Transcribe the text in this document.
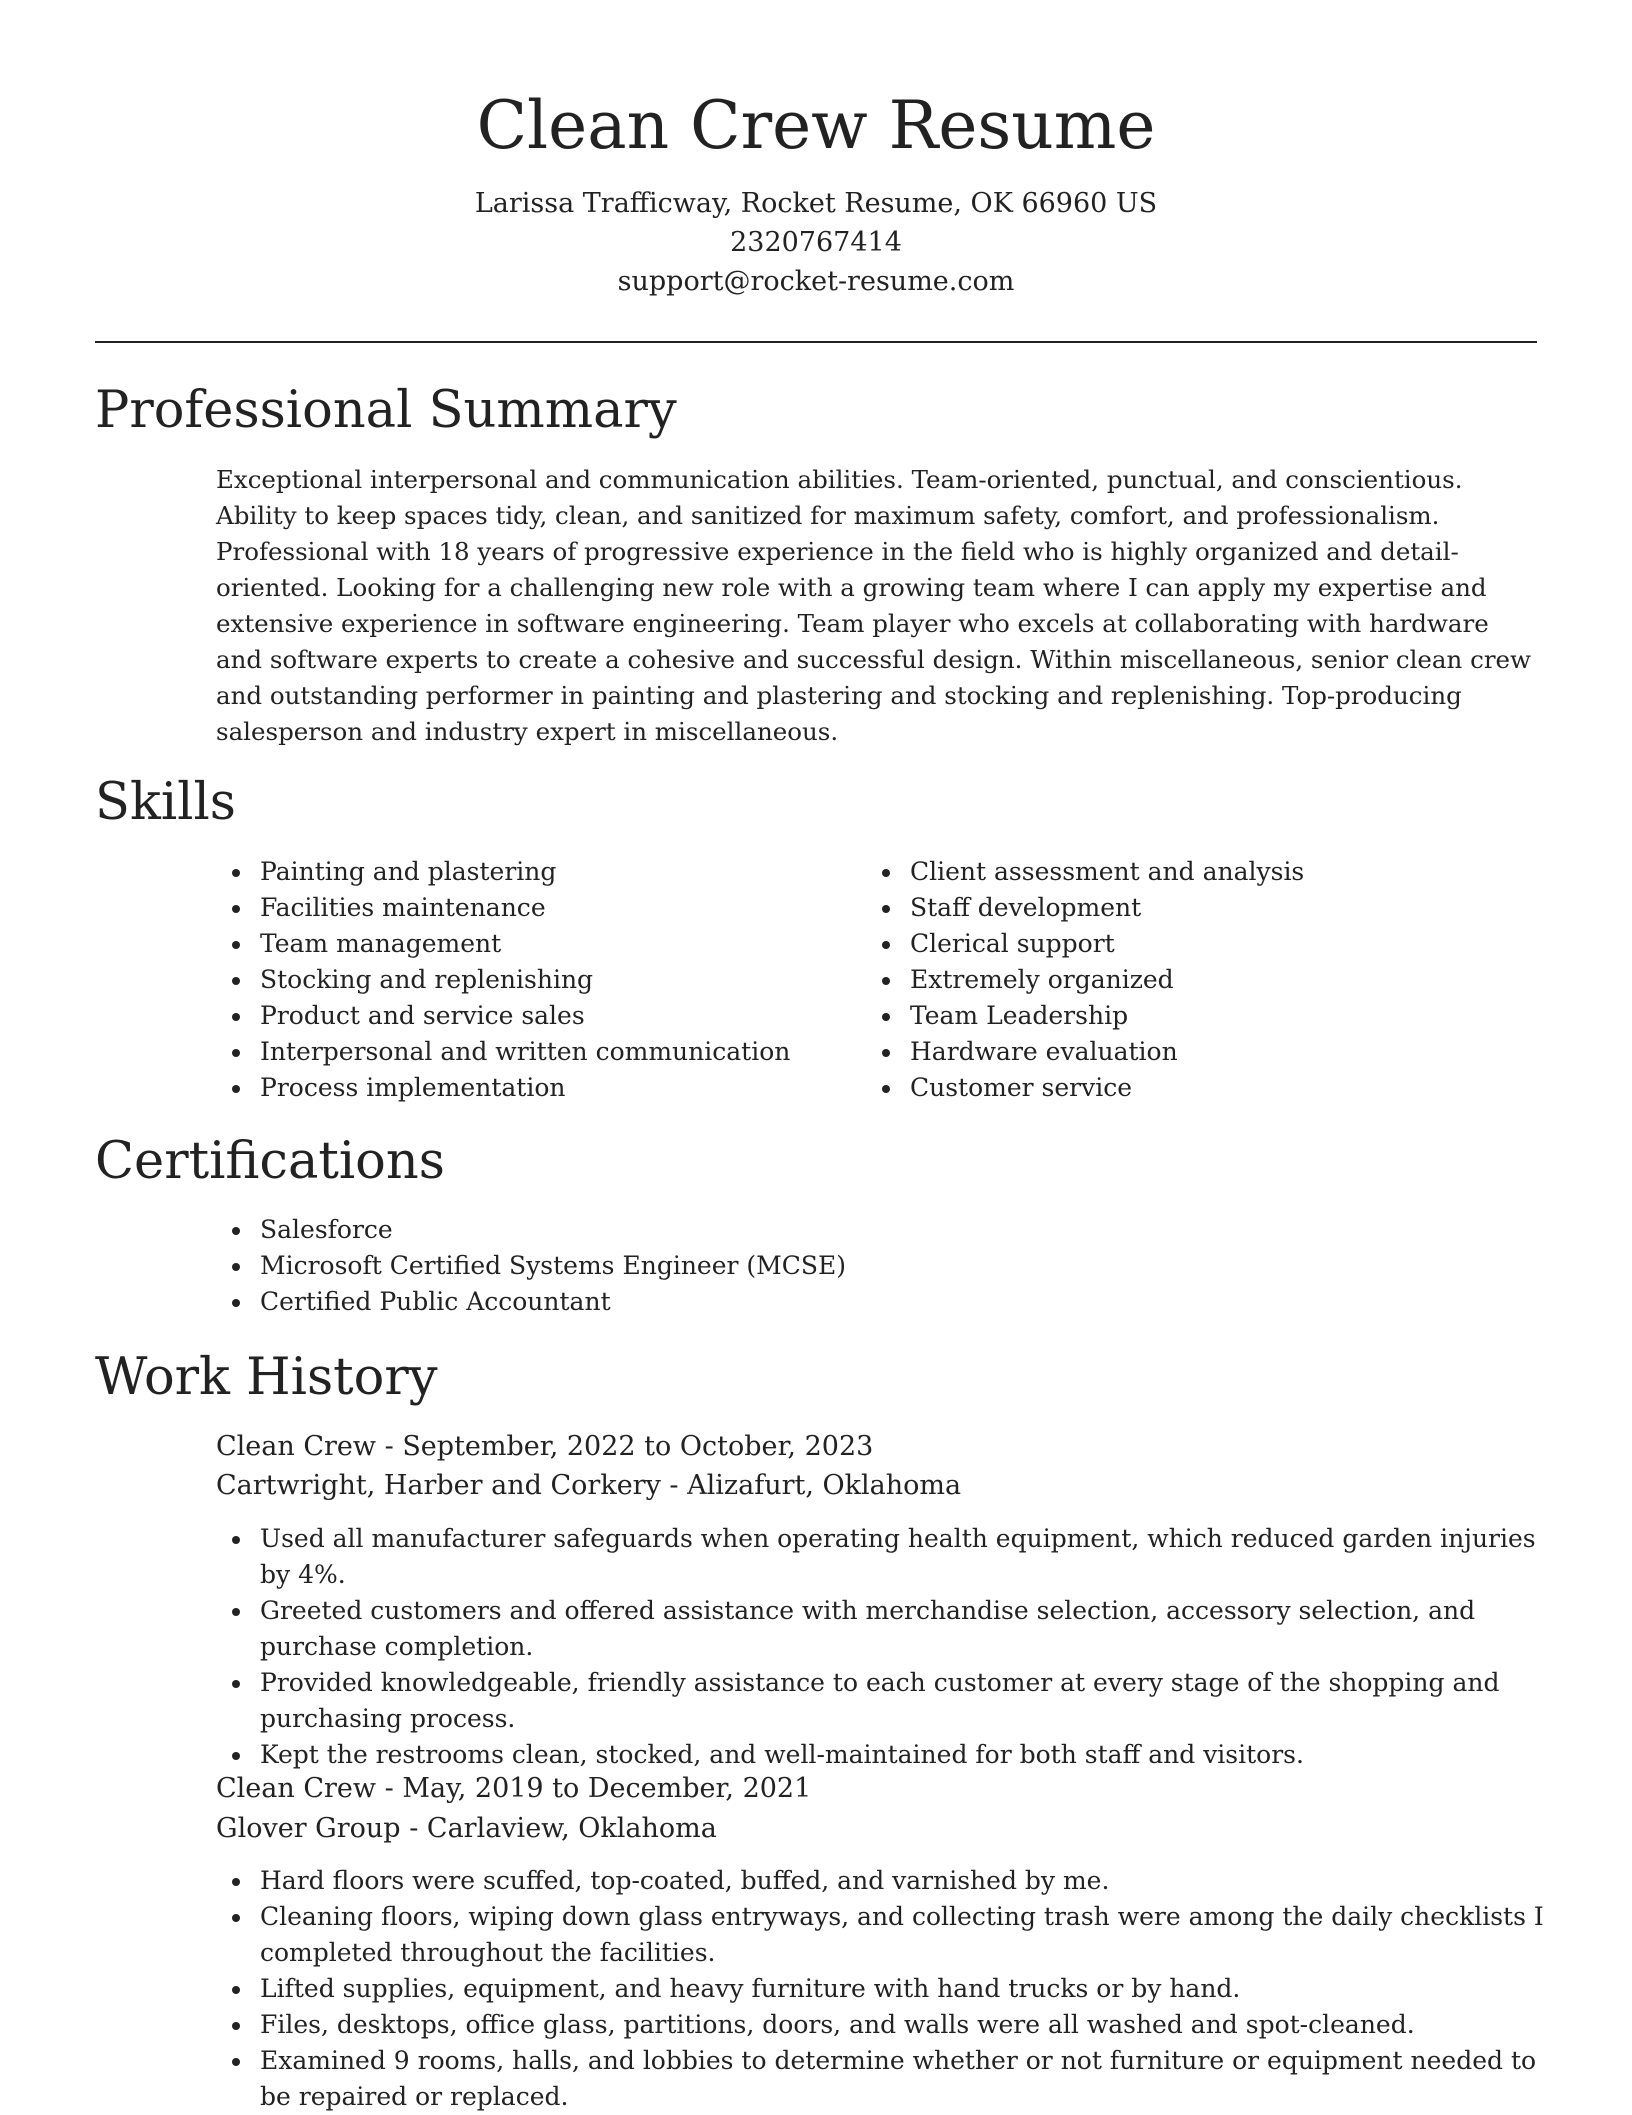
Clean Crew Resume
Larissa Trafficway, Rocket Resume, OK 66960 US
2320767414
support@rocket-resume.com
Professional Summary

Exceptional interpersonal and communication abilities. Team-oriented, punctual, and conscientious. Ability to keep spaces tidy, clean, and sanitized for maximum safety, comfort, and professionalism. Professional with 18 years of progressive experience in the field who is highly organized and detail-oriented. Looking for a challenging new role with a growing team where I can apply my expertise and extensive experience in software engineering. Team player who excels at collaborating with hardware and software experts to create a cohesive and successful design. Within miscellaneous, senior clean crew and outstanding performer in painting and plastering and stocking and replenishing. Top-producing salesperson and industry expert in miscellaneous.

Skills
Painting and plastering
Facilities maintenance
Team management
Stocking and replenishing
Product and service sales
Interpersonal and written communication
Process implementation
Client assessment and analysis
Staff development
Clerical support
Extremely organized
Team Leadership
Hardware evaluation
Customer service
Certifications
Salesforce
Microsoft Certified Systems Engineer (MCSE)
Certified Public Accountant
Work History
Clean Crew - September, 2022 to October, 2023
Cartwright, Harber and Corkery - Alizafurt, Oklahoma
Used all manufacturer safeguards when operating health equipment, which reduced garden injuries by 4%.
Greeted customers and offered assistance with merchandise selection, accessory selection, and purchase completion.
Provided knowledgeable, friendly assistance to each customer at every stage of the shopping and purchasing process.
Kept the restrooms clean, stocked, and well-maintained for both staff and visitors.
Clean Crew - May, 2019 to December, 2021
Glover Group - Carlaview, Oklahoma
Hard floors were scuffed, top-coated, buffed, and varnished by me.
Cleaning floors, wiping down glass entryways, and collecting trash were among the daily checklists I completed throughout the facilities.
Lifted supplies, equipment, and heavy furniture with hand trucks or by hand.
Files, desktops, office glass, partitions, doors, and walls were all washed and spot-cleaned.
Examined 9 rooms, halls, and lobbies to determine whether or not furniture or equipment needed to be repaired or replaced.
